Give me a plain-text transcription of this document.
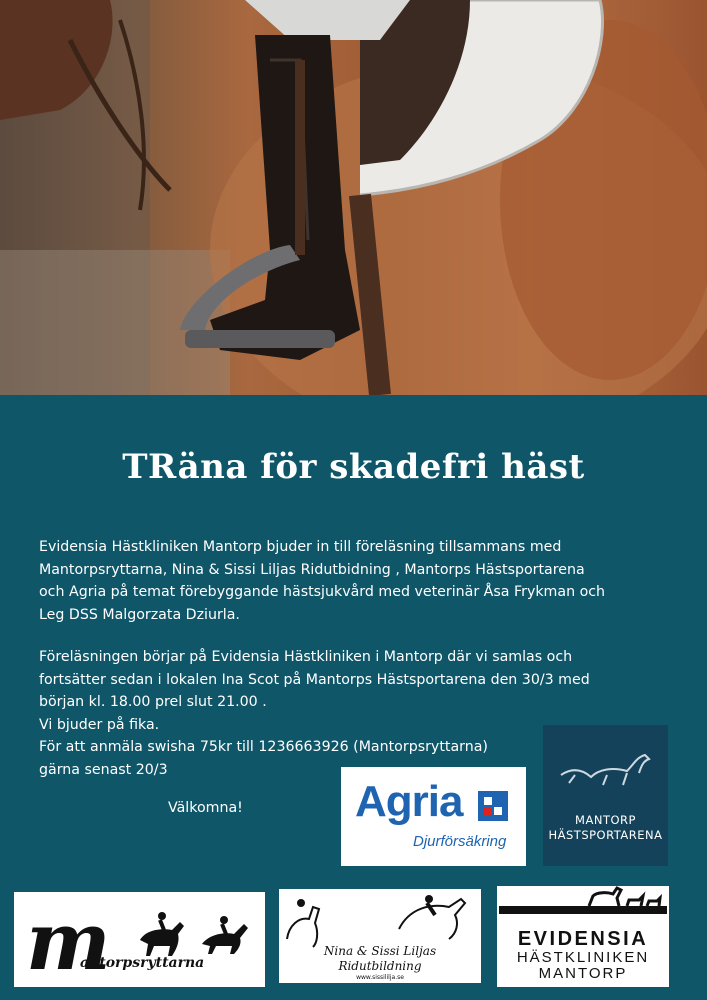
TRäna för skadefri häst
Evidensia Hästkliniken Mantorp bjuder in till föreläsning tillsammans med
Mantorpsryttarna, Nina & Sissi Liljas Ridutbidning , Mantorps Hästsportarena
och Agria på temat förebyggande hästsjukvård med veterinär Åsa Frykman och
Leg DSS Malgorzata Dziurla.
Föreläsningen börjar på Evidensia Hästkliniken i Mantorp där vi samlas och
fortsätter sedan i lokalen Ina Scot på Mantorps Hästsportarena den 30/3 med
början kl. 18.00 prel slut 21.00 .
Vi bjuder på fika.
För att anmäla swisha 75kr till 1236663926 (Mantorpsryttarna)
gärna senast 20/3
Välkomna!	Agria
Djurförsäkring
MANTORP
HÄSTSPORTARENA
m
antorpsryttarna
Nina & Sissi Liljas
Ridutbildning
www.sissililja.se
EVIDENSIA
HÄSTKLINIKEN
MANTORP
